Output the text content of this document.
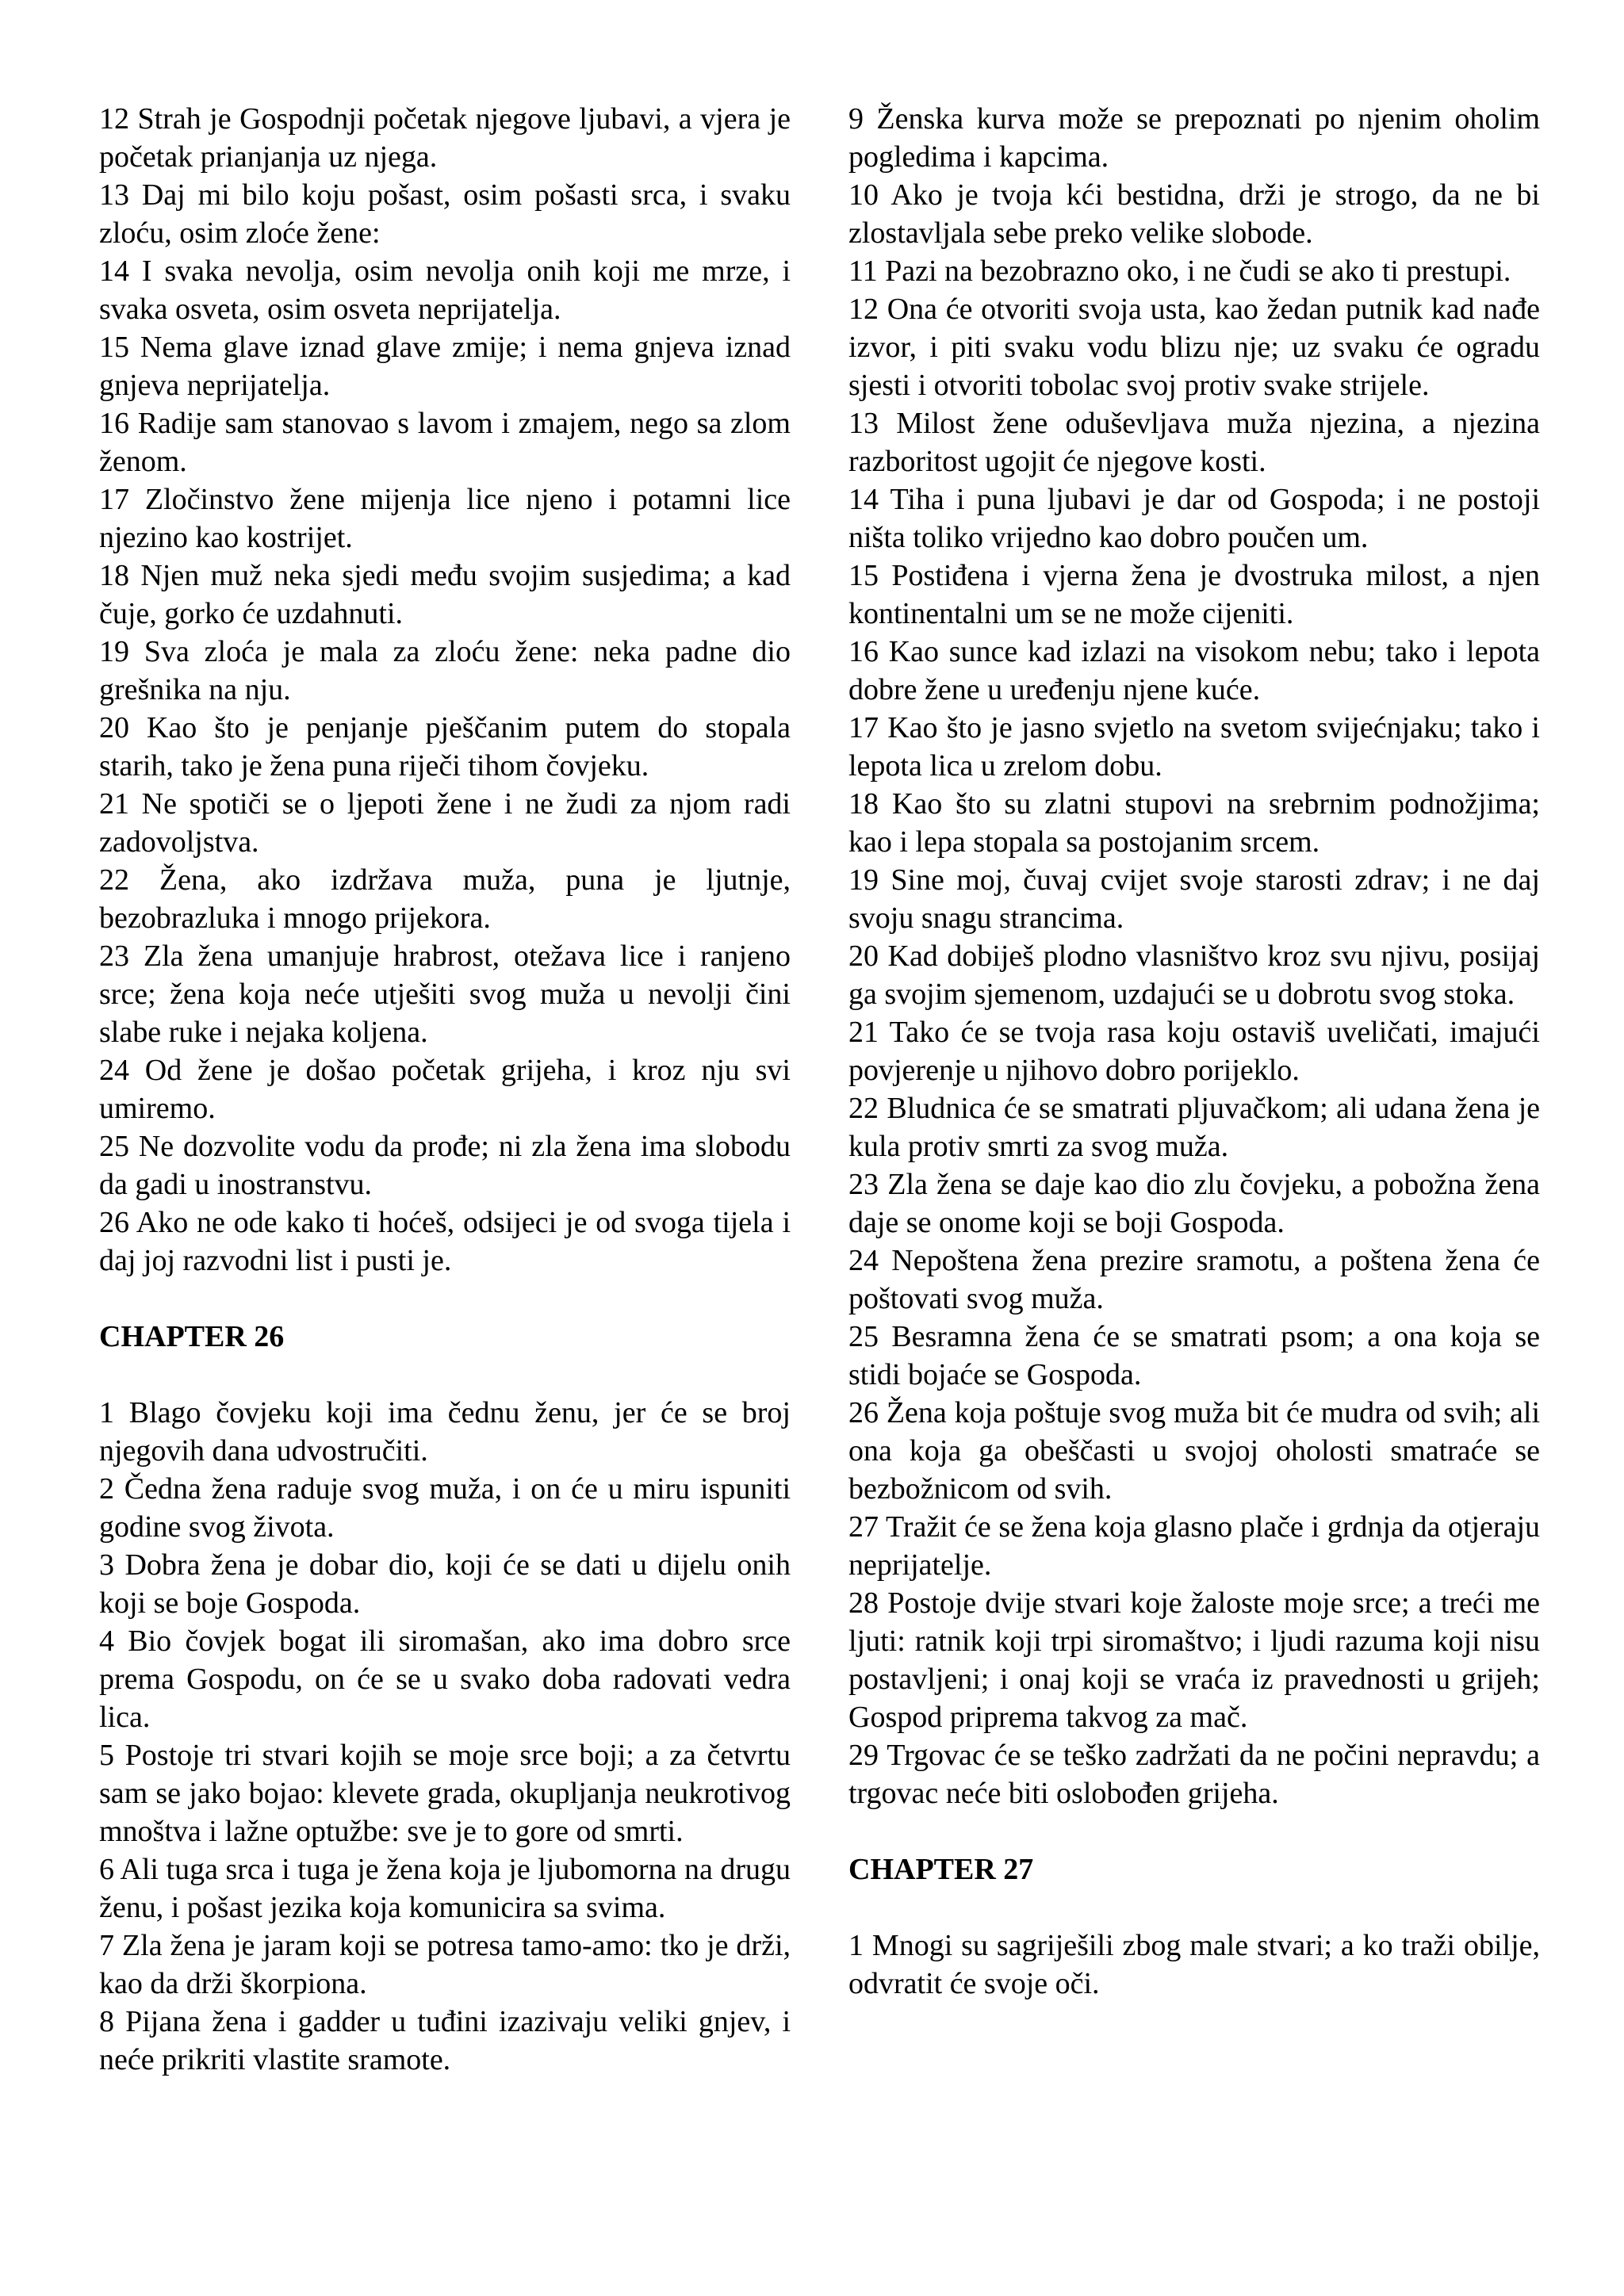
12 Strah je Gospodnji početak njegove ljubavi, a vjera je početak prianjanja uz njega.

13 Daj mi bilo koju pošast, osim pošasti srca, i svaku zloću, osim zloće žene:

14 I svaka nevolja, osim nevolja onih koji me mrze, i svaka osveta, osim osveta neprijatelja.

15 Nema glave iznad glave zmije; i nema gnjeva iznad gnjeva neprijatelja.

16 Radije sam stanovao s lavom i zmajem, nego sa zlom ženom.

17 Zločinstvo žene mijenja lice njeno i potamni lice njezino kao kostrijet.

18 Njen muž neka sjedi među svojim susjedima; a kad čuje, gorko će uzdahnuti.

19 Sva zloća je mala za zloću žene: neka padne dio grešnika na nju.

20 Kao što je penjanje pješčanim putem do stopala starih, tako je žena puna riječi tihom čovjeku.

21 Ne spotiči se o ljepoti žene i ne žudi za njom radi zadovoljstva.

22 Žena, ako izdržava muža, puna je ljutnje, bezobrazluka i mnogo prijekora.

23 Zla žena umanjuje hrabrost, otežava lice i ranjeno srce; žena koja neće utješiti svog muža u nevolji čini slabe ruke i nejaka koljena.

24 Od žene je došao početak grijeha, i kroz nju svi umiremo.

25 Ne dozvolite vodu da prođe; ni zla žena ima slobodu da gadi u inostranstvu.

26 Ako ne ode kako ti hoćeš, odsijeci je od svoga tijela i daj joj razvodni list i pusti je.

CHAPTER 26

1 Blago čovjeku koji ima čednu ženu, jer će se broj njegovih dana udvostručiti.

2 Čedna žena raduje svog muža, i on će u miru ispuniti godine svog života.

3 Dobra žena je dobar dio, koji će se dati u dijelu onih koji se boje Gospoda.

4 Bio čovjek bogat ili siromašan, ako ima dobro srce prema Gospodu, on će se u svako doba radovati vedra lica.

5 Postoje tri stvari kojih se moje srce boji; a za četvrtu sam se jako bojao: klevete grada, okupljanja neukrotivog mnoštva i lažne optužbe: sve je to gore od smrti.

6 Ali tuga srca i tuga je žena koja je ljubomorna na drugu ženu, i pošast jezika koja komunicira sa svima.

7 Zla žena je jaram koji se potresa tamo-amo: tko je drži, kao da drži škorpiona.

8 Pijana žena i gadder u tuđini izazivaju veliki gnjev, i neće prikriti vlastite sramote.

9 Ženska kurva može se prepoznati po njenim oholim pogledima i kapcima.

10 Ako je tvoja kći bestidna, drži je strogo, da ne bi zlostavljala sebe preko velike slobode.

11 Pazi na bezobrazno oko, i ne čudi se ako ti prestupi.

12 Ona će otvoriti svoja usta, kao žedan putnik kad nađe izvor, i piti svaku vodu blizu nje; uz svaku će ogradu sjesti i otvoriti tobolac svoj protiv svake strijele.

13 Milost žene oduševljava muža njezina, a njezina razboritost ugojit će njegove kosti.

14 Tiha i puna ljubavi je dar od Gospoda; i ne postoji ništa toliko vrijedno kao dobro poučen um.

15 Postiđena i vjerna žena je dvostruka milost, a njen kontinentalni um se ne može cijeniti.

16 Kao sunce kad izlazi na visokom nebu; tako i lepota dobre žene u uređenju njene kuće.

17 Kao što je jasno svjetlo na svetom svijećnjaku; tako i lepota lica u zrelom dobu.

18 Kao što su zlatni stupovi na srebrnim podnožjima; kao i lepa stopala sa postojanim srcem.

19 Sine moj, čuvaj cvijet svoje starosti zdrav; i ne daj svoju snagu strancima.

20 Kad dobiješ plodno vlasništvo kroz svu njivu, posijaj ga svojim sjemenom, uzdajući se u dobrotu svog stoka.

21 Tako će se tvoja rasa koju ostaviš uveličati, imajući povjerenje u njihovo dobro porijeklo.

22 Bludnica će se smatrati pljuvačkom; ali udana žena je kula protiv smrti za svog muža.

23 Zla žena se daje kao dio zlu čovjeku, a pobožna žena daje se onome koji se boji Gospoda.

24 Nepoštena žena prezire sramotu, a poštena žena će poštovati svog muža.

25 Besramna žena će se smatrati psom; a ona koja se stidi bojaće se Gospoda.

26 Žena koja poštuje svog muža bit će mudra od svih; ali ona koja ga obeščasti u svojoj oholosti smatraće se bezbožnicom od svih.

27 Tražit će se žena koja glasno plače i grdnja da otjeraju neprijatelje.

28 Postoje dvije stvari koje žaloste moje srce; a treći me ljuti: ratnik koji trpi siromaštvo; i ljudi razuma koji nisu postavljeni; i onaj koji se vraća iz pravednosti u grijeh; Gospod priprema takvog za mač.

29 Trgovac će se teško zadržati da ne počini nepravdu; a trgovac neće biti oslobođen grijeha.

CHAPTER 27

1 Mnogi su sagriješili zbog male stvari; a ko traži obilje, odvratit će svoje oči.
